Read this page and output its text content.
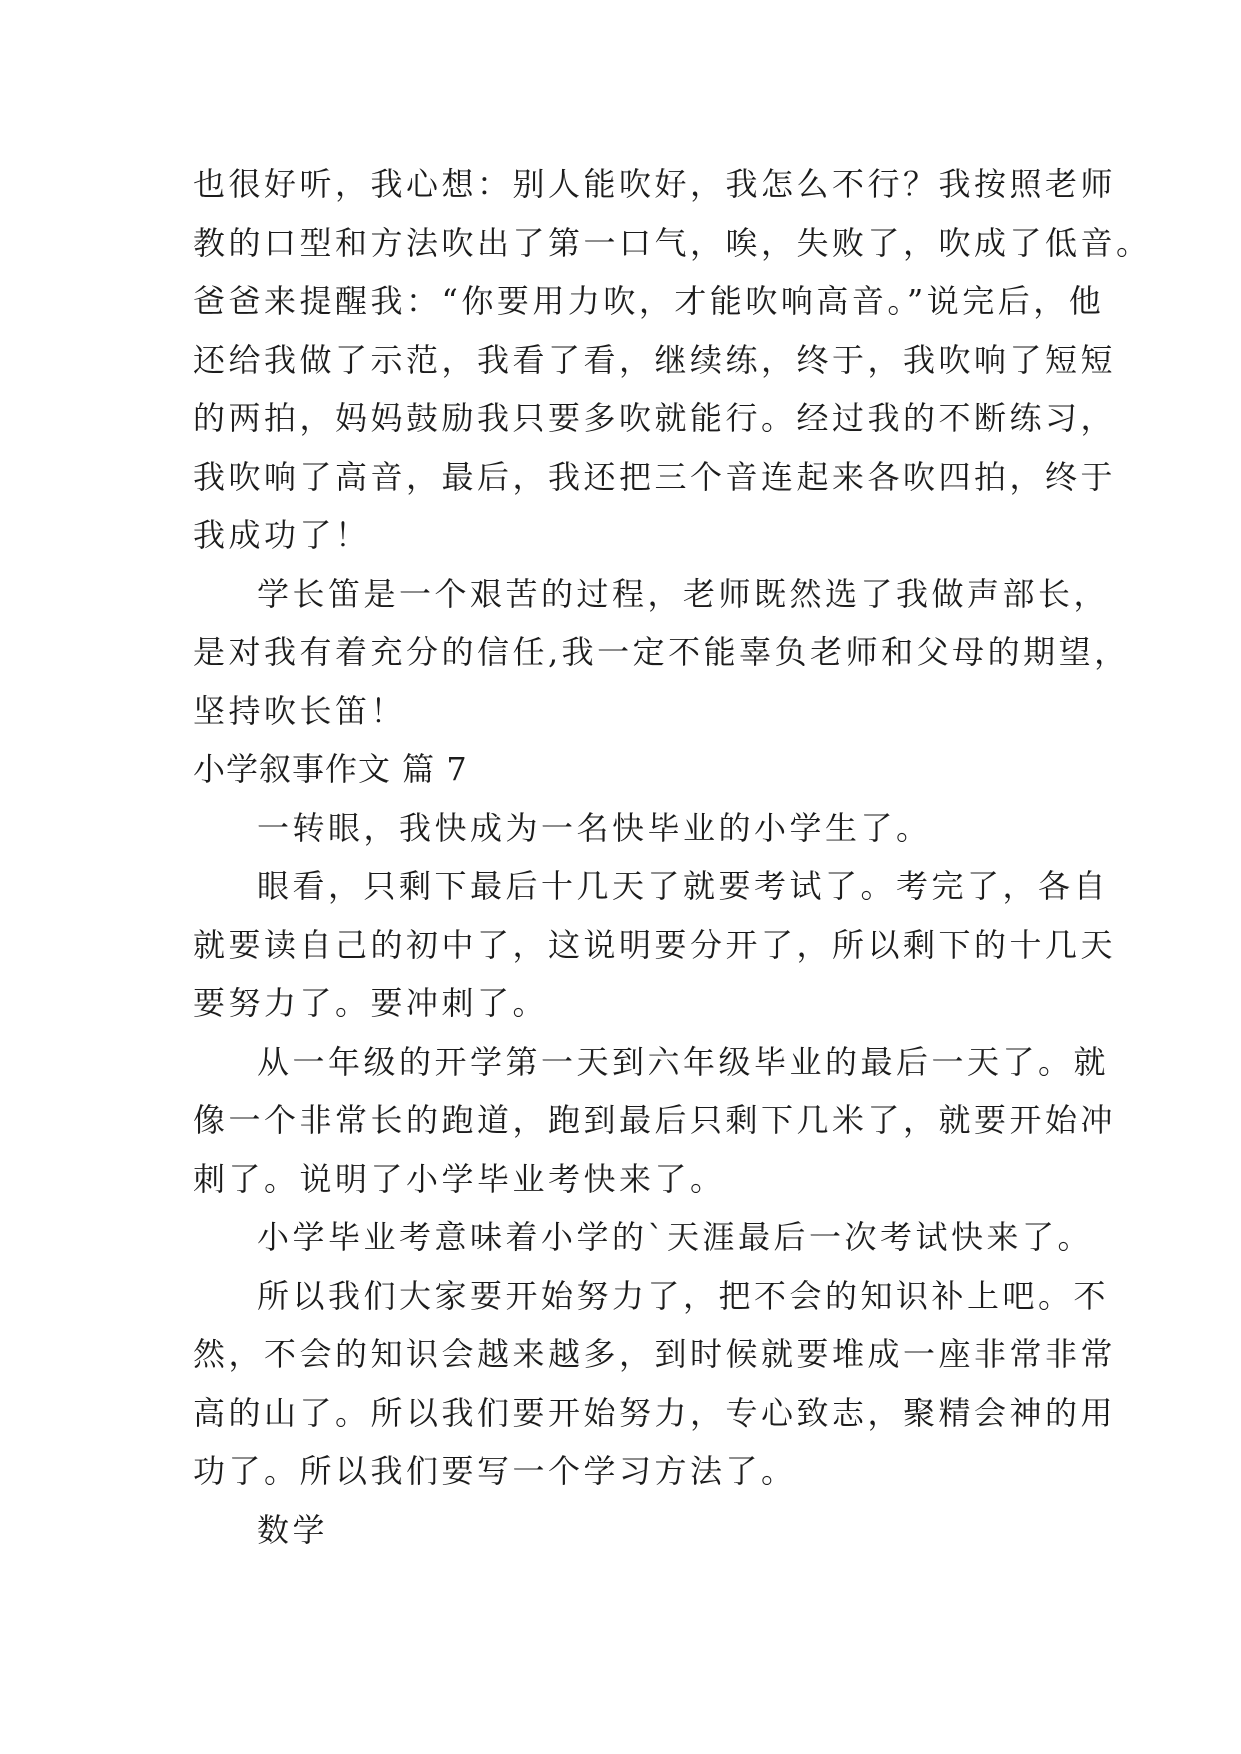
也很好听，我心想：别人能吹好，我怎么不行？我按照老师
教的口型和方法吹出了第一口气，唉，失败了，吹成了低音。
爸爸来提醒我：“你要用力吹，才能吹响高音。”说完后，他
还给我做了示范，我看了看，继续练，终于，我吹响了短短
的两拍，妈妈鼓励我只要多吹就能行。经过我的不断练习，
我吹响了高音，最后，我还把三个音连起来各吹四拍，终于
我成功了！
学长笛是一个艰苦的过程，老师既然选了我做声部长，
是对我有着充分的信任,我一定不能辜负老师和父母的期望，
坚持吹长笛！
小学叙事作文 篇 7
一转眼，我快成为一名快毕业的小学生了。
眼看，只剩下最后十几天了就要考试了。考完了，各自
就要读自己的初中了，这说明要分开了，所以剩下的十几天
要努力了。要冲刺了。
从一年级的开学第一天到六年级毕业的最后一天了。就
像一个非常长的跑道，跑到最后只剩下几米了，就要开始冲
刺了。说明了小学毕业考快来了。
小学毕业考意味着小学的`天涯最后一次考试快来了。
所以我们大家要开始努力了，把不会的知识补上吧。不
然，不会的知识会越来越多，到时候就要堆成一座非常非常
高的山了。所以我们要开始努力，专心致志，聚精会神的用
功了。所以我们要写一个学习方法了。
数学
